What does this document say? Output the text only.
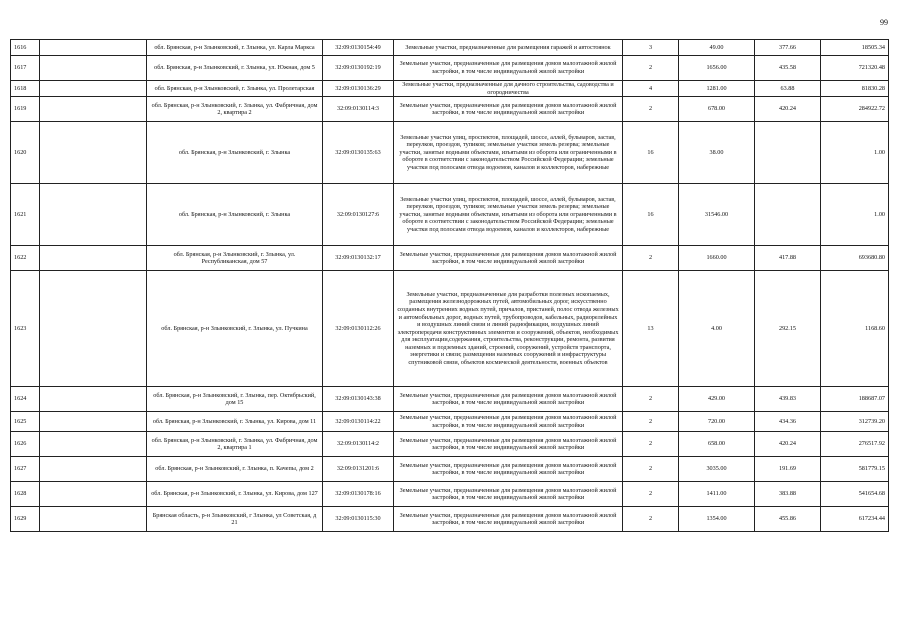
99
1616		обл. Брянская, р-н Злынковский, г. Злынка, ул. Карла Маркса	32:09:0130154:49	Земельные участки, предназначенные для размещения гаражей и автостоянок	3	49.00	377.66	18505.34
1617		обл. Брянская, р-н Злынковский, г. Злынка, ул. Южная, дом 5	32:09:0130192:19	Земельные участки, предназначенные для размещения домов малоэтажной жилой застройки, в том числе индивидуальной жилой застройки	2	1656.00	435.58	721320.48
1618		обл. Брянская, р-н Злынковский, г. Злынка, ул. Пролетарская	32:09:0130136:29	Земельные участки, предназначенные для дачного строительства, садоводства и огородничества	4	1281.00	63.88	81830.28
1619		обл. Брянская, р-н Злынковский, г. Злынка, ул. Фабричная, дом 2, квартира 2	32:09:0130114:3	Земельные участки, предназначенные для размещения домов малоэтажной жилой застройки, в том числе индивидуальной жилой застройки	2	678.00	420.24	284922.72
1620		обл. Брянская, р-н Злынковский, г. Злынка	32:09:0130135:63	Земельные участки улиц, проспектов, площадей, шоссе, аллей, бульваров, застав, переулков, проездов, тупиков; земельные участки земель резерва; земельные участки, занятые водными объектами, изъятыми из оборота или ограниченными в обороте в соответствии с законодательством Российской Федерации; земельные участки под полосами отвода водоемов, каналов и коллекторов, набережные	16	38.00		1.00
1621		обл. Брянская, р-н Злынковский, г. Злынка	32:09:0130127:6	Земельные участки улиц, проспектов, площадей, шоссе, аллей, бульваров, застав, переулков, проездов, тупиков; земельные участки земель резерва; земельные участки, занятые водными объектами, изъятыми из оборота или ограниченными в обороте в соответствии с законодательством Российской Федерации; земельные участки под полосами отвода водоемов, каналов и коллекторов, набережные	16	31546.00		1.00
1622		обл. Брянская, р-н Злынковский, г. Злынка, ул. Республиканская, дом 57	32:09:0130132:17	Земельные участки, предназначенные для размещения домов малоэтажной жилой застройки, в том числе индивидуальной жилой застройки	2	1660.00	417.88	693680.80
1623		обл. Брянская, р-н Злынковский, г. Злынка, ул. Пучкина	32:09:0130112:26	Земельные участки, предназначенные для разработки полезных ископаемых, размещения железнодорожных путей, автомобильных дорог, искусственно созданных внутренних водных путей, причалов, пристаней, полос отвода железных и автомобильных дорог, водных путей, трубопроводов, кабельных, радиорелейных и воздушных линий связи и линий радиофикации, воздушных линий электропередачи конструктивных элементов и сооружений, объектов, необходимых для эксплуатации,содержания, строительства, реконструкции, ремонта, развития наземных и подземных зданий, строений, сооружений, устройств транспорта, энергетики и связи; размещения наземных сооружений и инфраструктуры спутниковой связи, объектов космической деятельности, военных объектов	13	4.00	292.15	1168.60
1624		обл. Брянская, р-н Злынковский, г. Злынка, пер. Октябрьский, дом 15	32:09:0130143:38	Земельные участки, предназначенные для размещения домов малоэтажной жилой застройки, в том числе индивидуальной жилой застройки	2	429.00	439.83	188687.07
1625		обл. Брянская, р-н Злынковский, г. Злынка, ул. Кирова, дом 11	32:09:0130114:22	Земельные участки, предназначенные для размещения домов малоэтажной жилой застройки, в том числе индивидуальной жилой застройки	2	720.00	434.36	312739.20
1626		обл. Брянская, р-н Злынковский, г. Злынка, ул. Фабричная, дом 2, квартира 1	32:09:0130114:2	Земельные участки, предназначенные для размещения домов малоэтажной жилой застройки, в том числе индивидуальной жилой застройки	2	658.00	420.24	276517.92
1627		обл. Брянская, р-н Злынковский, г. Злынка, п. Качепы, дом 2	32:09:0131201:6	Земельные участки, предназначенные для размещения домов малоэтажной жилой застройки, в том числе индивидуальной жилой застройки	2	3035.00	191.69	581779.15
1628		обл. Брянская, р-н Злынковский, г. Злынка, ул. Кирова, дом 127	32:09:0130178:16	Земельные участки, предназначенные для размещения домов малоэтажной жилой застройки, в том числе индивидуальной жилой застройки	2	1411.00	383.88	541654.68
1629		Брянская область, р-н Злынковский, г Злынка, ул Советская, д 21	32:09:0130115:30	Земельные участки, предназначенные для размещения домов малоэтажной жилой застройки, в том числе индивидуальной жилой застройки	2	1354.00	455.86	617234.44
